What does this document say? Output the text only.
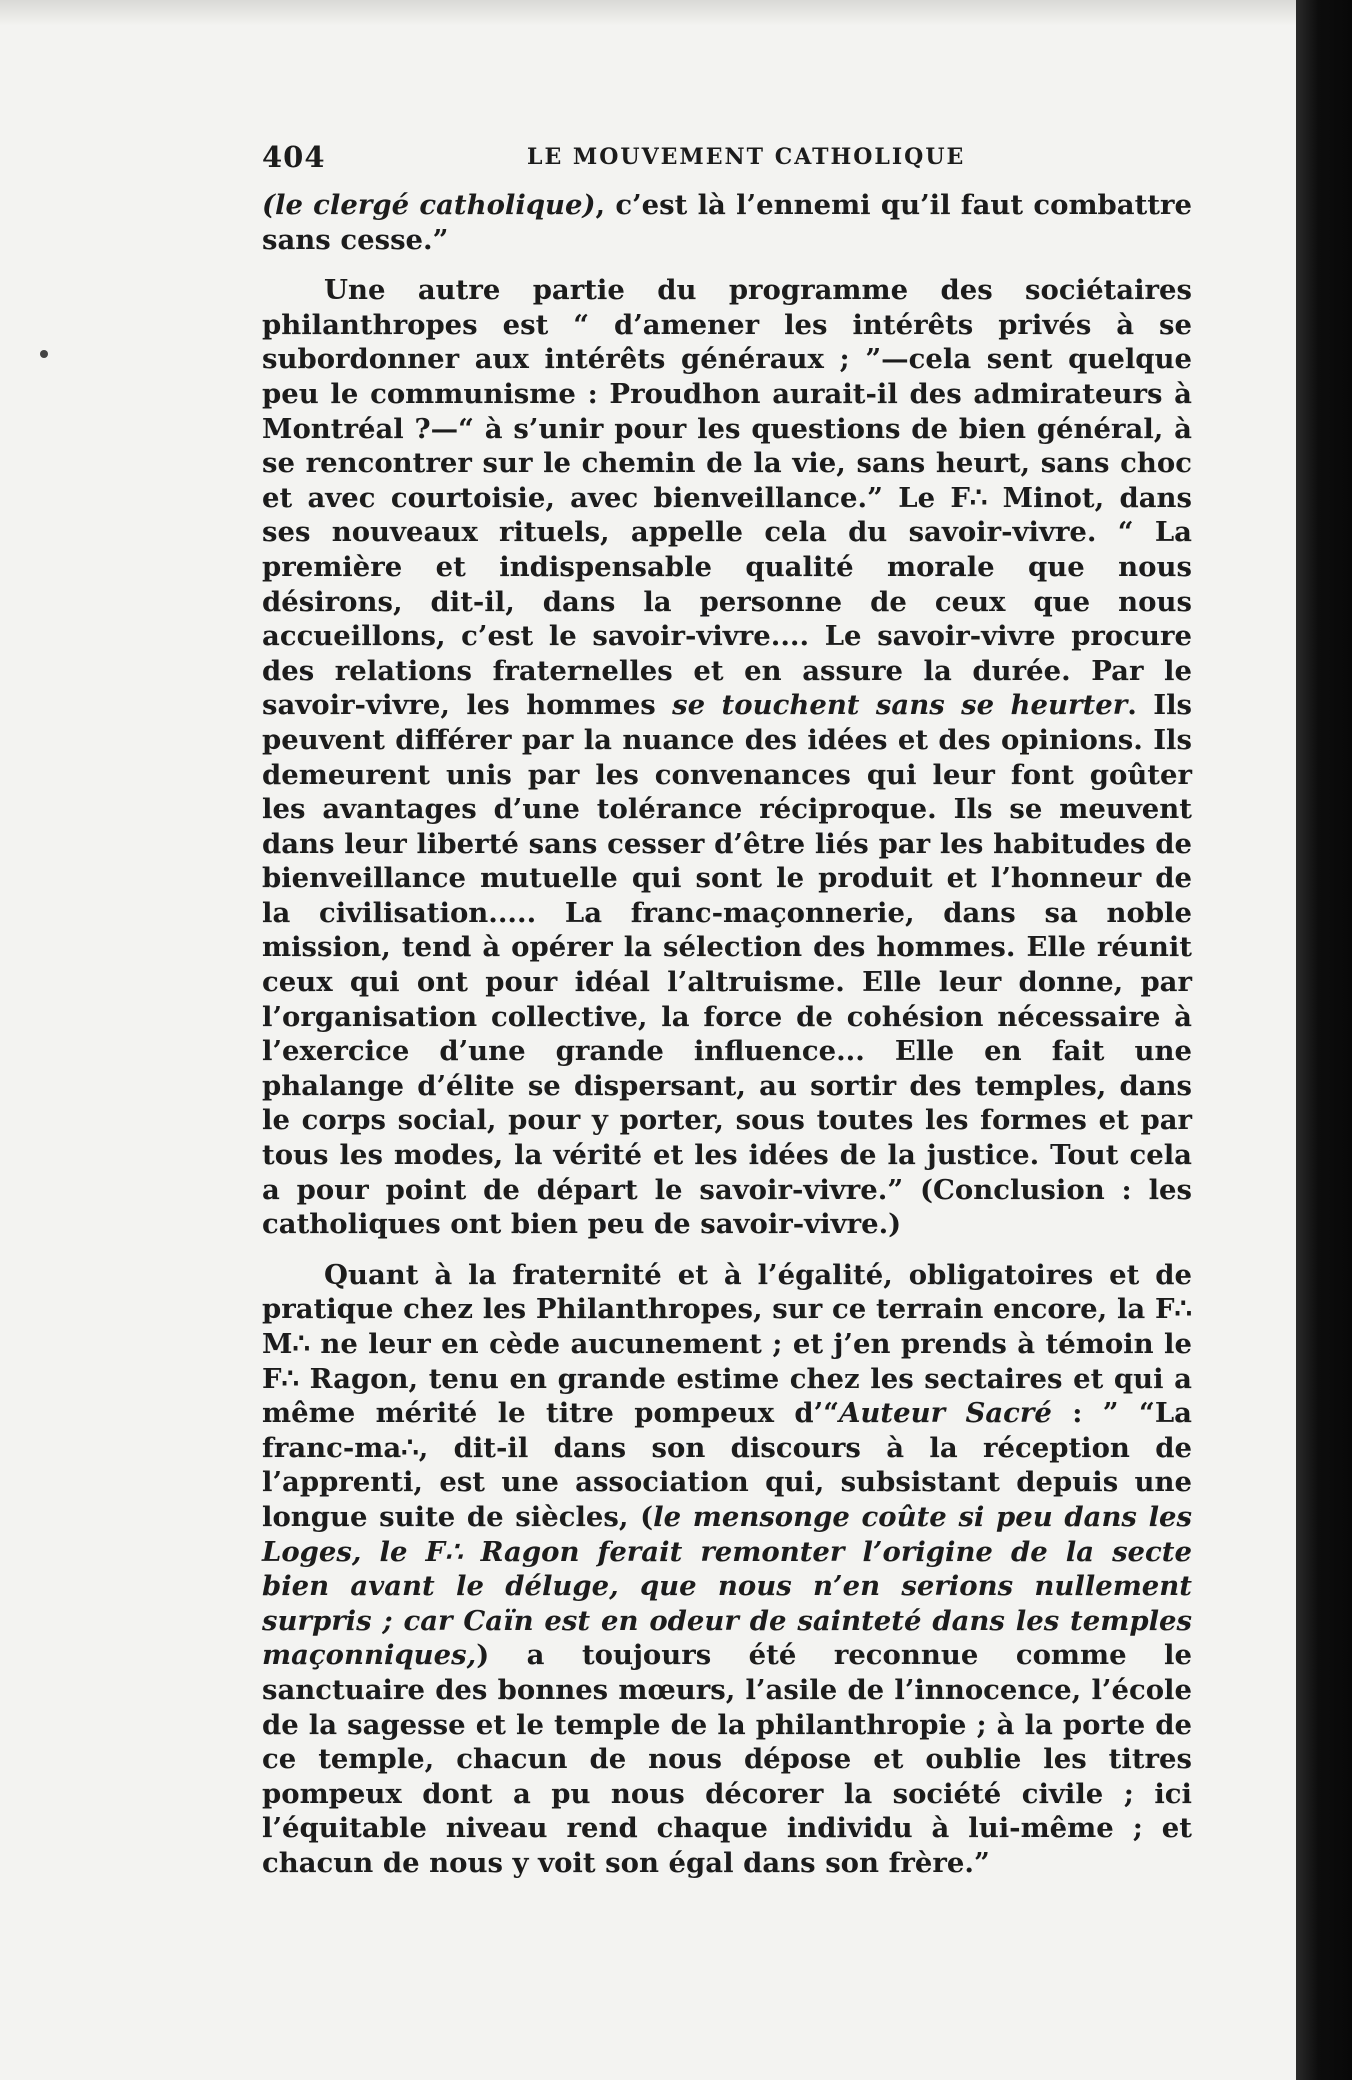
404	LE MOUVEMENT CATHOLIQUE

(le clergé catholique), c’est là l’ennemi qu’il faut combattre sans cesse.”

Une autre partie du programme des sociétaires philanthropes est “ d’amener les intérêts privés à se subordonner aux intérêts généraux ; ”—cela sent quelque peu le communisme : Proudhon aurait-il des admirateurs à Montréal ?—“ à s’unir pour les questions de bien général, à se rencontrer sur le chemin de la vie, sans heurt, sans choc et avec courtoisie, avec bienveillance.” Le F∴ Minot, dans ses nouveaux rituels, appelle cela du savoir-vivre. “ La première et indispensable qualité morale que nous désirons, dit-il, dans la personne de ceux que nous accueillons, c’est le savoir-vivre.... Le savoir-vivre procure des relations fraternelles et en assure la durée. Par le savoir-vivre, les hommes se touchent sans se heurter. Ils peuvent différer par la nuance des idées et des opinions. Ils demeurent unis par les convenances qui leur font goûter les avantages d’une tolérance réciproque. Ils se meuvent dans leur liberté sans cesser d’être liés par les habitudes de bienveillance mutuelle qui sont le produit et l’honneur de la civilisation..... La franc-maçonnerie, dans sa noble mission, tend à opérer la sélection des hommes. Elle réunit ceux qui ont pour idéal l’altruisme. Elle leur donne, par l’organisation collective, la force de cohésion nécessaire à l’exercice d’une grande influence... Elle en fait une phalange d’élite se dispersant, au sortir des temples, dans le corps social, pour y porter, sous toutes les formes et par tous les modes, la vérité et les idées de la justice. Tout cela a pour point de départ le savoir-vivre.” (Conclusion : les catholiques ont bien peu de savoir-vivre.)

Quant à la fraternité et à l’égalité, obligatoires et de pratique chez les Philanthropes, sur ce terrain encore, la F∴ M∴ ne leur en cède aucunement ; et j’en prends à témoin le F∴ Ragon, tenu en grande estime chez les sectaires et qui a même mérité le titre pompeux d’“Auteur Sacré : ” “La franc-ma∴, dit-il dans son discours à la réception de l’apprenti, est une association qui, subsistant depuis une longue suite de siècles, (le mensonge coûte si peu dans les Loges, le F∴ Ragon ferait remonter l’origine de la secte bien avant le déluge, que nous n’en serions nullement surpris ; car Caïn est en odeur de sainteté dans les temples maçonniques,) a toujours été reconnue comme le sanctuaire des bonnes mœurs, l’asile de l’innocence, l’école de la sagesse et le temple de la philanthropie ; à la porte de ce temple, chacun de nous dépose et oublie les titres pompeux dont a pu nous décorer la société civile ; ici l’équitable niveau rend chaque individu à lui-même ; et chacun de nous y voit son égal dans son frère.”
